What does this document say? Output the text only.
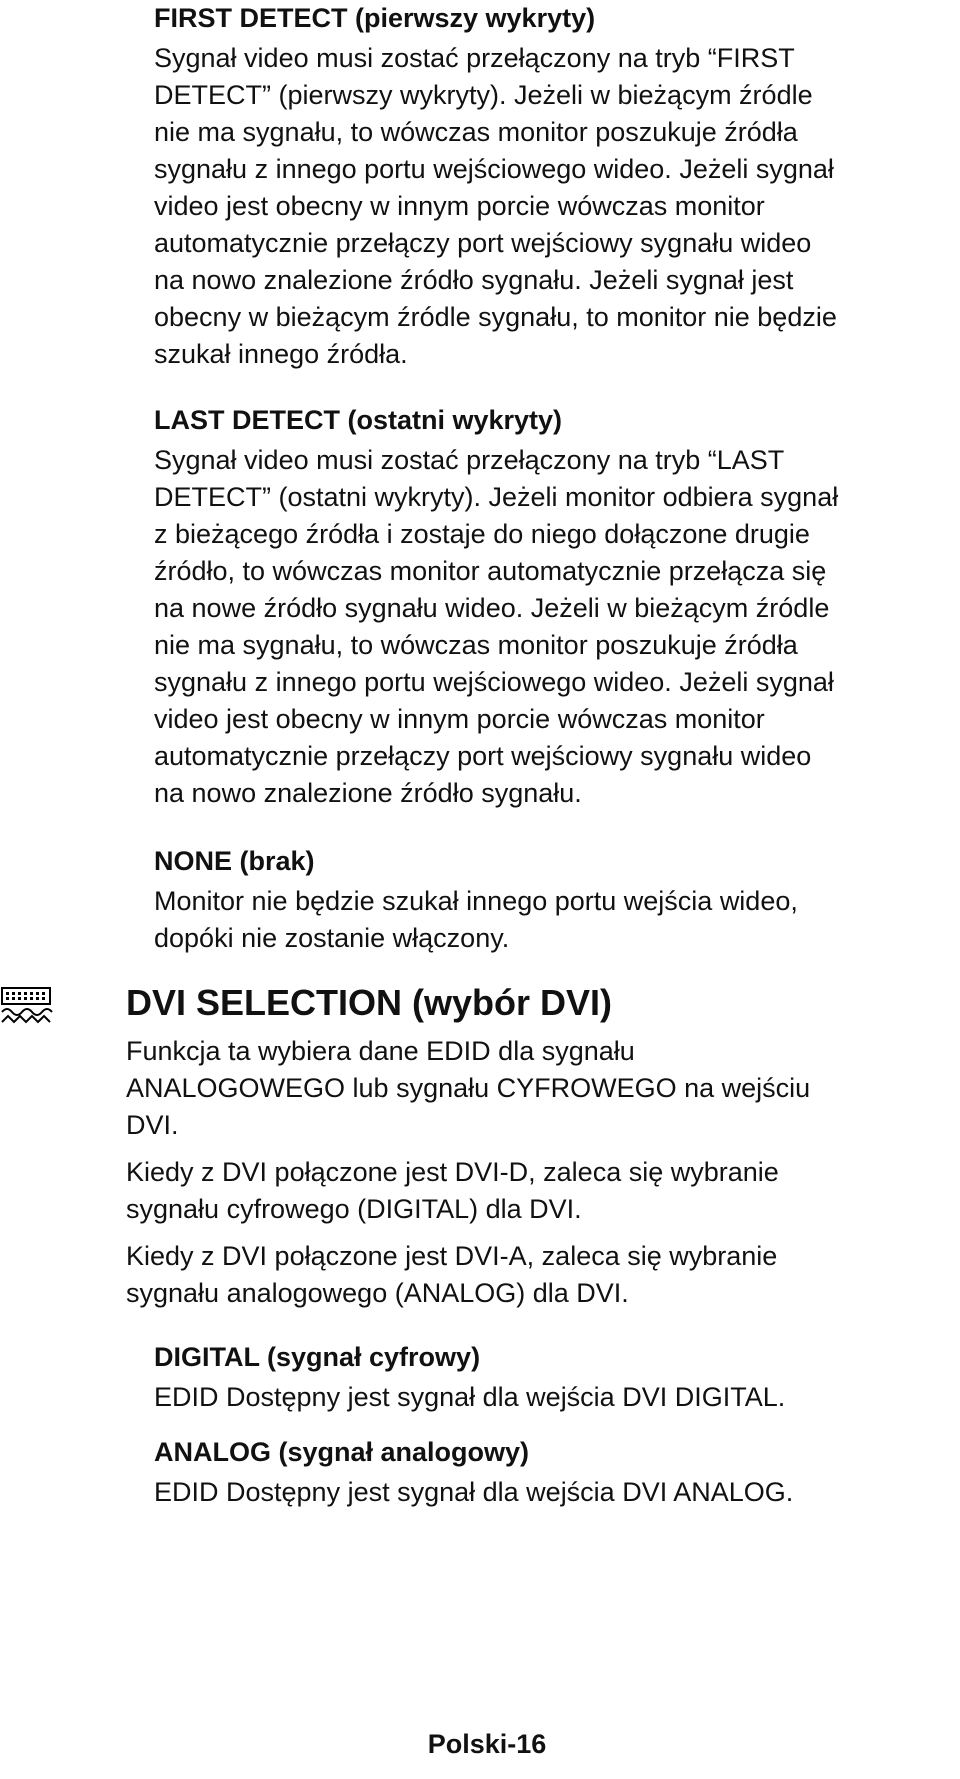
FIRST DETECT (pierwszy wykryty)

Sygnał video musi zostać przełączony na tryb “FIRST
DETECT” (pierwszy wykryty). Jeżeli w bieżącym źródle
nie ma sygnału, to wówczas monitor poszukuje źródła
sygnału z innego portu wejściowego wideo. Jeżeli sygnał
video jest obecny w innym porcie wówczas monitor
automatycznie przełączy port wejściowy sygnału wideo
na nowo znalezione źródło sygnału. Jeżeli sygnał jest
obecny w bieżącym źródle sygnału, to monitor nie będzie
szukał innego źródła.

LAST DETECT (ostatni wykryty)

Sygnał video musi zostać przełączony na tryb “LAST
DETECT” (ostatni wykryty). Jeżeli monitor odbiera sygnał
z bieżącego źródła i zostaje do niego dołączone drugie
źródło, to wówczas monitor automatycznie przełącza się
na nowe źródło sygnału wideo. Jeżeli w bieżącym źródle
nie ma sygnału, to wówczas monitor poszukuje źródła
sygnału z innego portu wejściowego wideo. Jeżeli sygnał
video jest obecny w innym porcie wówczas monitor
automatycznie przełączy port wejściowy sygnału wideo
na nowo znalezione źródło sygnału.

NONE (brak)

Monitor nie będzie szukał innego portu wejścia wideo,
dopóki nie zostanie włączony.

DVI SELECTION (wybór DVI)

Funkcja ta wybiera dane EDID dla sygnału
ANALOGOWEGO lub sygnału CYFROWEGO na wejściu
DVI.

Kiedy z DVI połączone jest DVI-D, zaleca się wybranie
sygnału cyfrowego (DIGITAL) dla DVI.

Kiedy z DVI połączone jest DVI-A, zaleca się wybranie
sygnału analogowego (ANALOG) dla DVI.

DIGITAL (sygnał cyfrowy)

EDID Dostępny jest sygnał dla wejścia DVI DIGITAL.

ANALOG (sygnał analogowy)

EDID Dostępny jest sygnał dla wejścia DVI ANALOG.

Polski-16
